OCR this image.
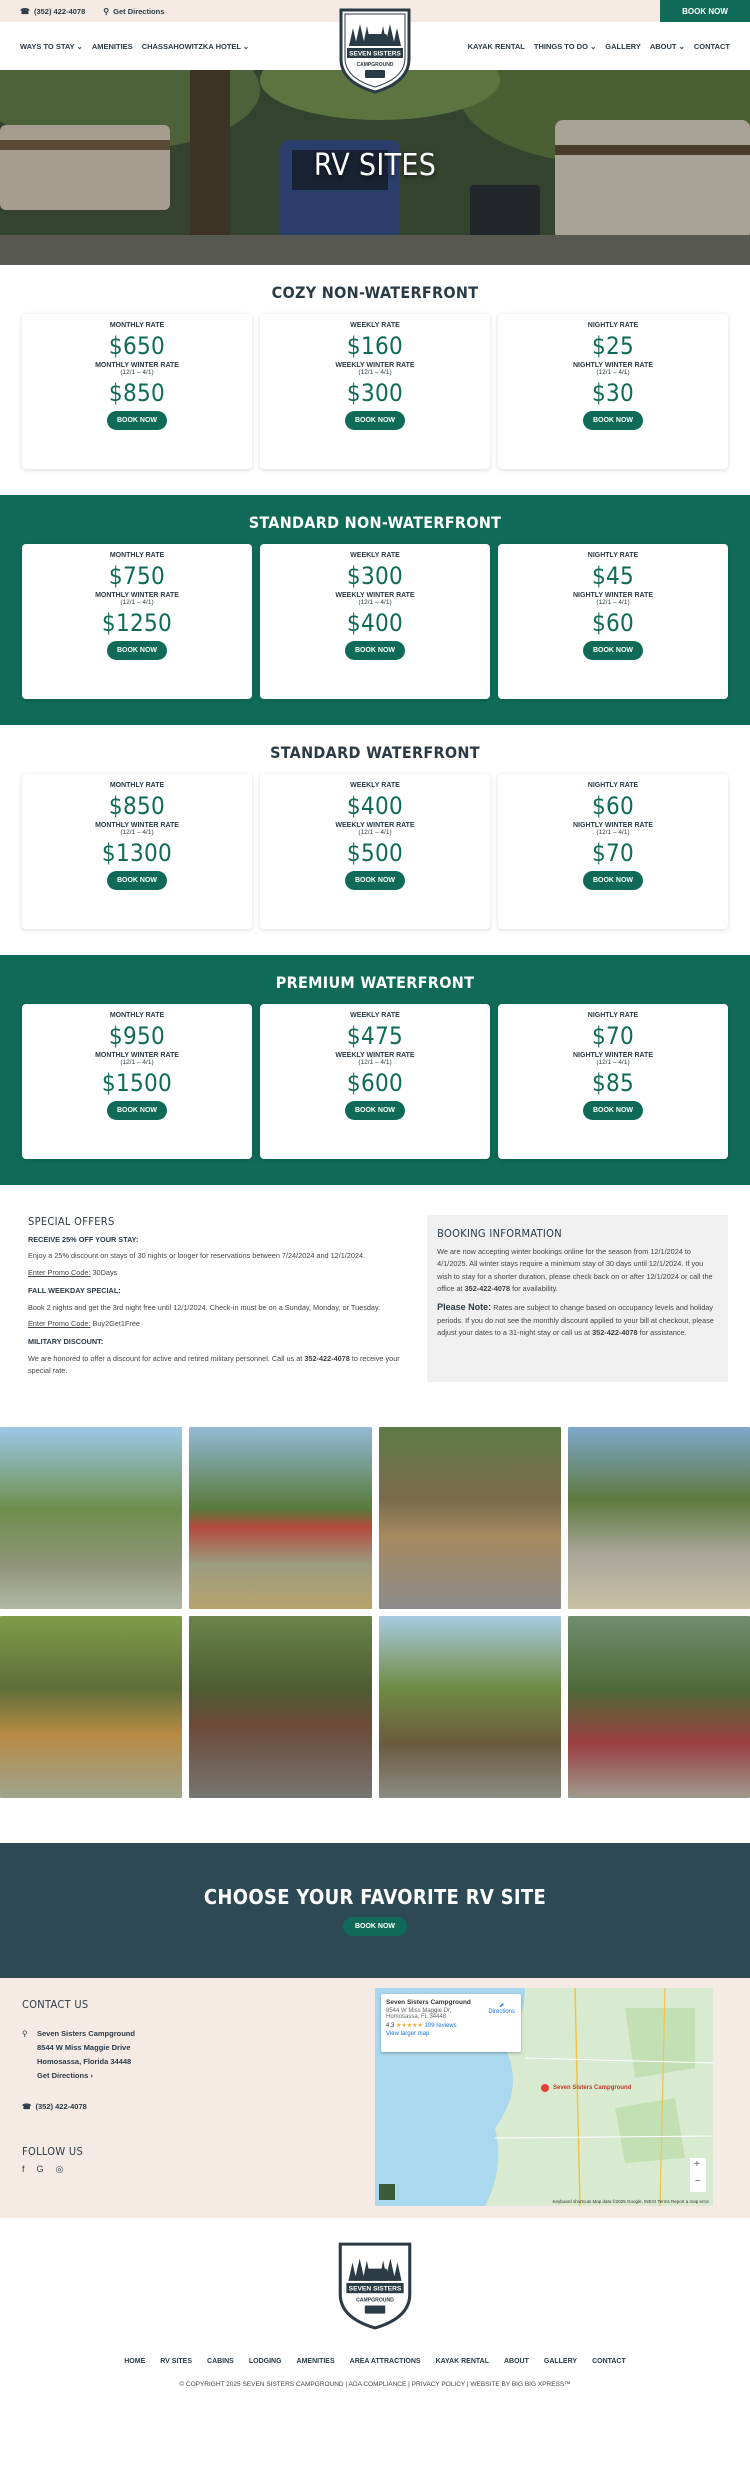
☎ (352) 422-4078 ⚲ Get Directions	BOOK NOW
WAYS TO STAY ⌄ AMENITIES CHASSAHOWITZKA HOTEL ⌄
SEVEN SISTERS
CAMPGROUND
KAYAK RENTAL THINGS TO DO ⌄ GALLERY ABOUT ⌄ CONTACT
RV SITES
COZY NON-WATERFRONT
MONTHLY RATE
$650
MONTHLY WINTER RATE
(12/1 – 4/1)
$850
BOOK NOW
WEEKLY RATE
$160
WEEKLY WINTER RATE
(12/1 – 4/1)
$300
BOOK NOW
NIGHTLY RATE
$25
NIGHTLY WINTER RATE
(12/1 – 4/1)
$30
BOOK NOW
STANDARD NON-WATERFRONT
MONTHLY RATE
$750
MONTHLY WINTER RATE
(12/1 – 4/1)
$1250
BOOK NOW
WEEKLY RATE
$300
WEEKLY WINTER RATE
(12/1 – 4/1)
$400
BOOK NOW
NIGHTLY RATE
$45
NIGHTLY WINTER RATE
(12/1 – 4/1)
$60
BOOK NOW
STANDARD WATERFRONT
MONTHLY RATE
$850
MONTHLY WINTER RATE
(12/1 – 4/1)
$1300
BOOK NOW
WEEKLY RATE
$400
WEEKLY WINTER RATE
(12/1 – 4/1)
$500
BOOK NOW
NIGHTLY RATE
$60
NIGHTLY WINTER RATE
(12/1 – 4/1)
$70
BOOK NOW
PREMIUM WATERFRONT
MONTHLY RATE
$950
MONTHLY WINTER RATE
(12/1 – 4/1)
$1500
BOOK NOW
WEEKLY RATE
$475
WEEKLY WINTER RATE
(12/1 – 4/1)
$600
BOOK NOW
NIGHTLY RATE
$70
NIGHTLY WINTER RATE
(12/1 – 4/1)
$85
BOOK NOW
SPECIAL OFFERS

RECEIVE 25% OFF YOUR STAY:

Enjoy a 25% discount on stays of 30 nights or longer for reservations between 7/24/2024 and 12/1/2024.

Enter Promo Code: 30Days

FALL WEEKDAY SPECIAL:

Book 2 nights and get the 3rd night free until 12/1/2024. Check-in must be on a Sunday, Monday, or Tuesday.

Enter Promo Code: Buy2Get1Free

MILITARY DISCOUNT:

We are honored to offer a discount for active and retired military personnel. Call us at 352-422-4078 to receive your special rate.

BOOKING INFORMATION

We are now accepting winter bookings online for the season from 12/1/2024 to 4/1/2025. All winter stays require a minimum stay of 30 days until 12/1/2024. If you wish to stay for a shorter duration, please check back on or after 12/1/2024 or call the office at 352-422-4078 for availability.

Please Note: Rates are subject to change based on occupancy levels and holiday periods. If you do not see the monthly discount applied to your bill at checkout, please adjust your dates to a 31-night stay or call us at 352-422-4078 for assistance.

CHOOSE YOUR FAVORITE RV SITE
BOOK NOW
CONTACT US
⚲ Seven Sisters Campground
8544 W Miss Maggie Drive
Homosassa, Florida 34448
Get Directions ›
☎ (352) 422-4078
FOLLOW US
f G ◎
Seven Sisters Campground
+
−
Keyboard shortcuts Map data ©2025 Google, INEGI Terms Report a map error
Seven Sisters Campground
8544 W Miss Maggie Dr, Homosassa, FL 34448
4.3 ★★★★★ 109 reviews
View larger map
⬈
Directions
SEVEN SISTERS
CAMPGROUND
HOME RV SITES CABINS LODGING AMENITIES AREA ATTRACTIONS KAYAK RENTAL ABOUT GALLERY CONTACT
© COPYRIGHT 2025 SEVEN SISTERS CAMPGROUND | ADA COMPLIANCE | PRIVACY POLICY | WEBSITE BY BIG BIG XPRESS™
